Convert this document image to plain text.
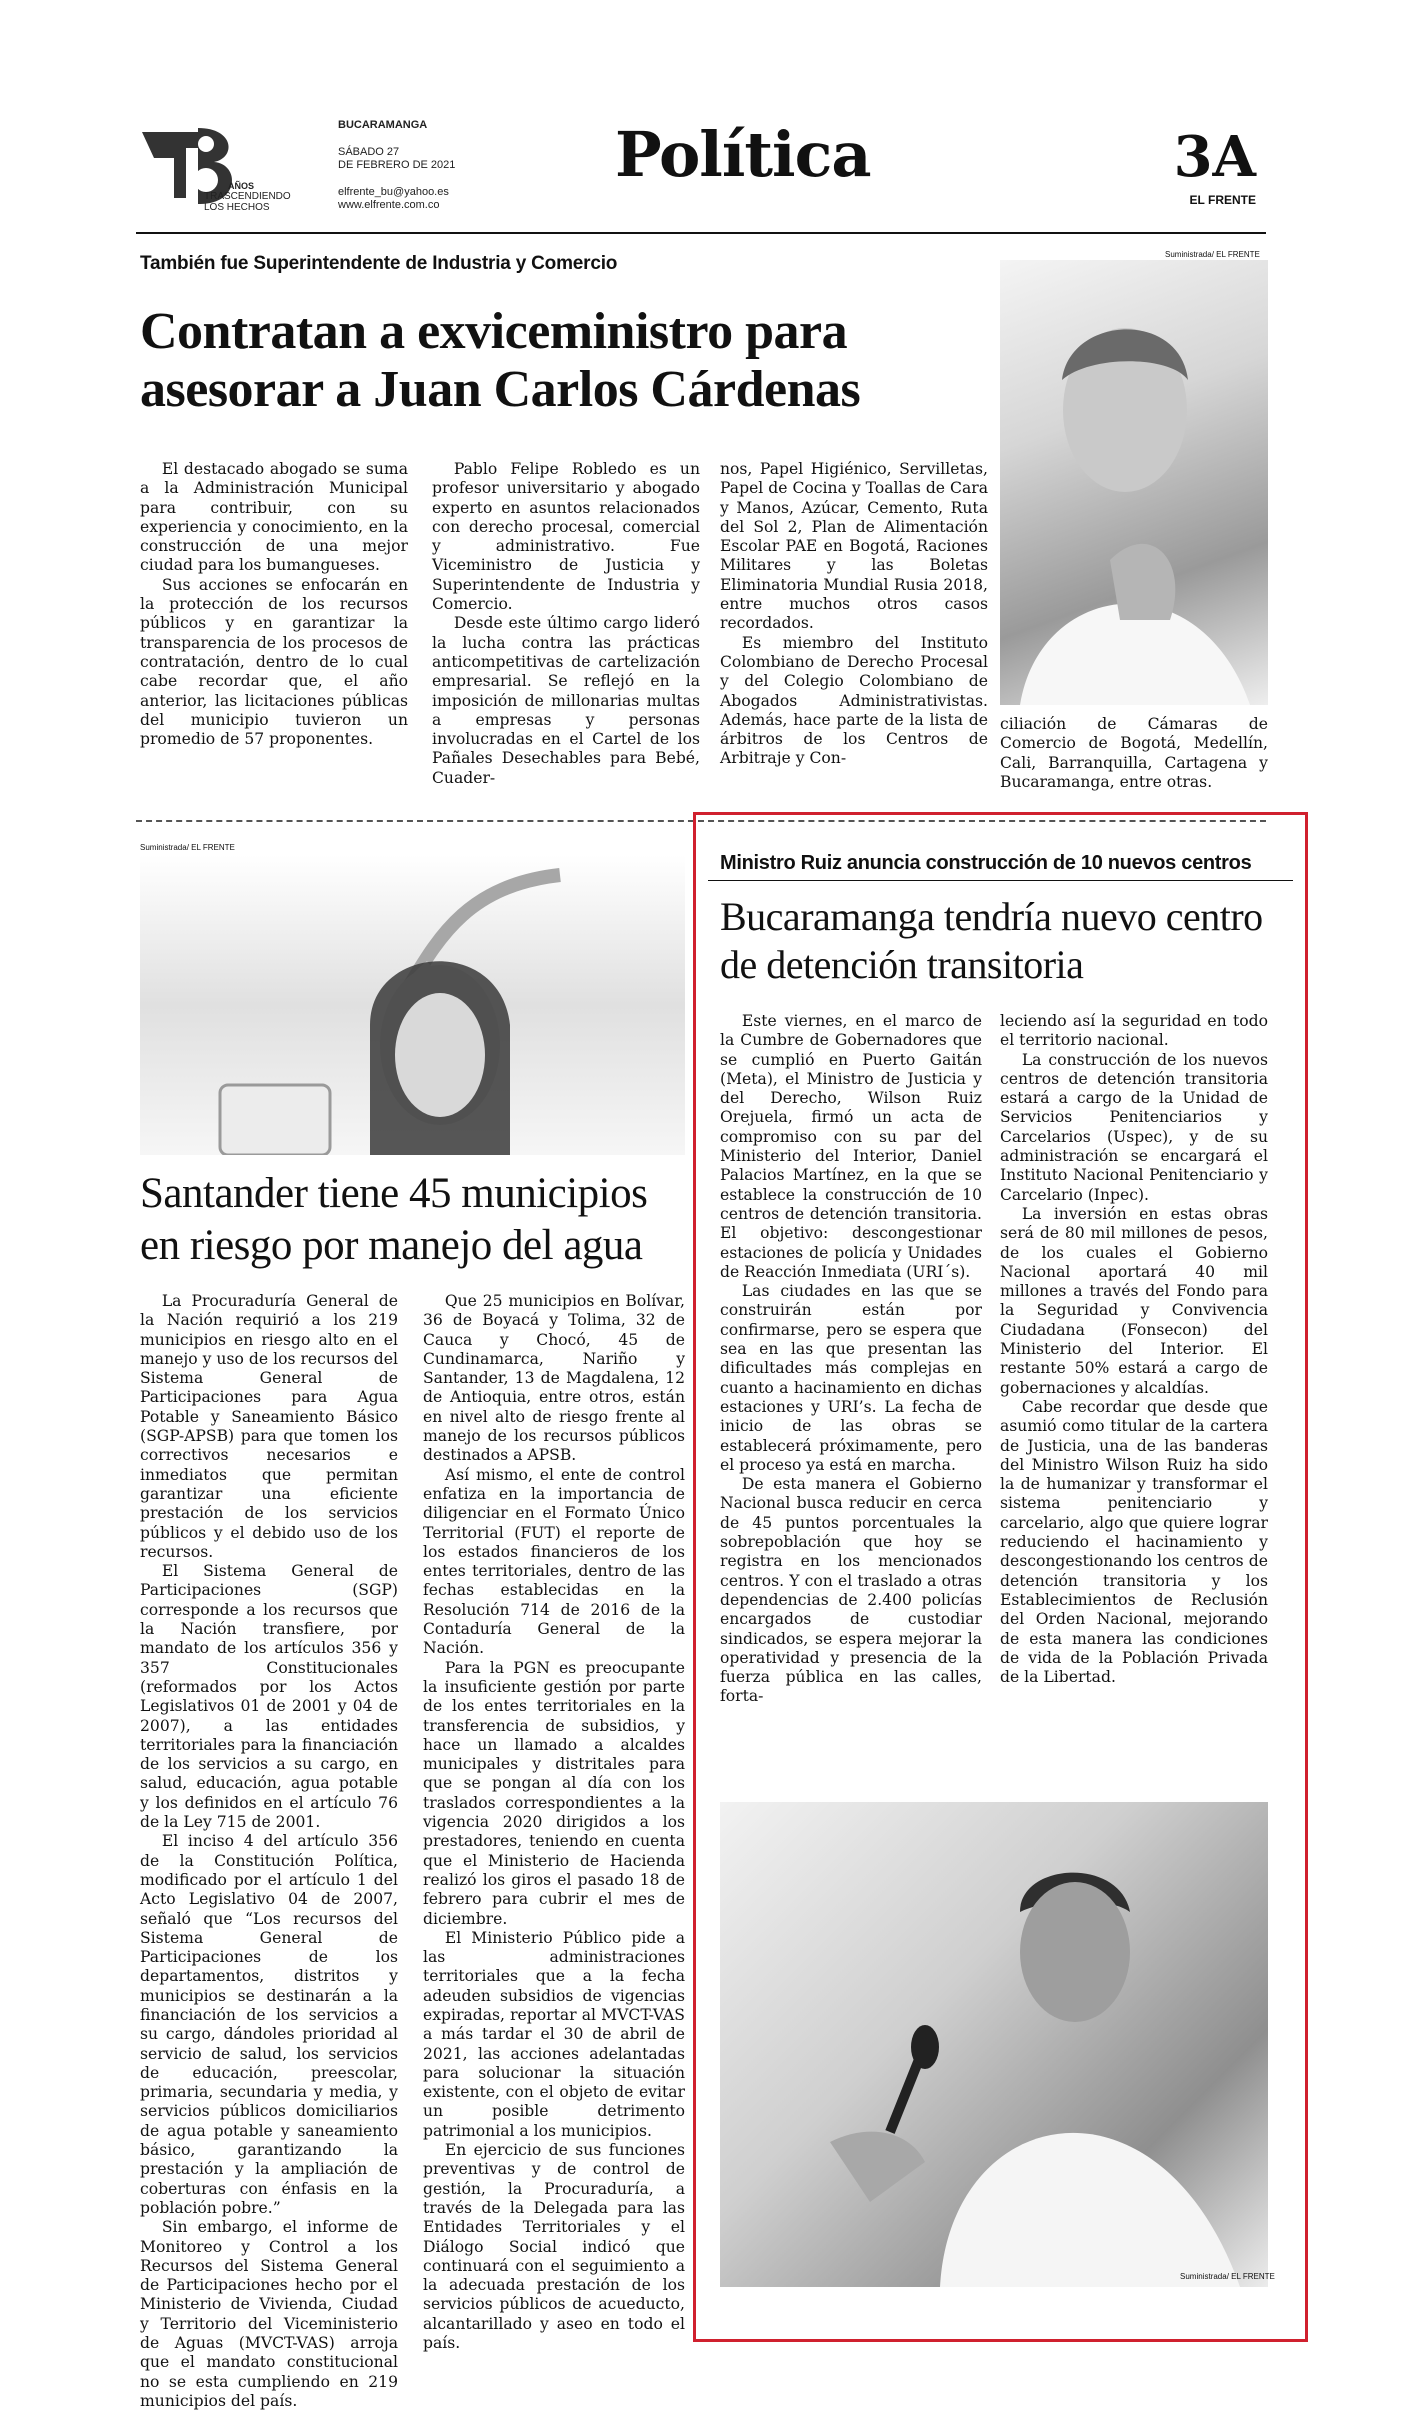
AÑOS
TRASCENDIENDO LOS HECHOS
BUCARAMANGA
SÁBADO 27
DE FEBRERO DE 2021
elfrente_bu@yahoo.es
www.elfrente.com.co
Política	3A
EL FRENTE
También fue Superintendente de Industria y Comercio
Contratan a exviceministro para asesorar a Juan Carlos Cárdenas

El destacado abogado se suma a la Administración Municipal para contribuir, con su experiencia y conocimiento, en la construcción de una mejor ciudad para los bumangueses.

Sus acciones se enfocarán en la protección de los recursos públicos y en garantizar la transparencia de los procesos de contratación, dentro de lo cual cabe recordar que, el año anterior, las licitaciones públicas del municipio tuvieron un promedio de 57 proponentes.

Pablo Felipe Robledo es un profesor universitario y abogado experto en asuntos relacionados con derecho procesal, comercial y administrativo. Fue Viceministro de Justicia y Superintendente de Industria y Comercio.

Desde este último cargo lideró la lucha contra las prácticas anticompetitivas de cartelización empresarial. Se reflejó en la imposición de millonarias multas a empresas y personas involucradas en el Cartel de los Pañales Desechables para Bebé, Cuader-

nos, Papel Higiénico, Servilletas, Papel de Cocina y Toallas de Cara y Manos, Azúcar, Cemento, Ruta del Sol 2, Plan de Alimentación Escolar PAE en Bogotá, Raciones Militares y las Boletas Eliminatoria Mundial Rusia 2018, entre muchos otros casos recordados.

Es miembro del Instituto Colombiano de Derecho Procesal y del Colegio Colombiano de Abogados Administrativistas. Además, hace parte de la lista de árbitros de los Centros de Arbitraje y Con-

Suministrada/ EL FRENTE

ciliación de Cámaras de Comercio de Bogotá, Medellín, Cali, Barranquilla, Cartagena y Bucaramanga, entre otras.

Suministrada/ EL FRENTE
Santander tiene 45 municipios en riesgo por manejo del agua

La Procuraduría General de la Nación requirió a los 219 municipios en riesgo alto en el manejo y uso de los recursos del Sistema General de Participaciones para Agua Potable y Saneamiento Básico (SGP-APSB) para que tomen los correctivos necesarios e inmediatos que permitan garantizar una eficiente prestación de los servicios públicos y el debido uso de los recursos.

El Sistema General de Participaciones (SGP) corresponde a los recursos que la Nación transfiere, por mandato de los artículos 356 y 357 Constitucionales (reformados por los Actos Legislativos 01 de 2001 y 04 de 2007), a las entidades territoriales para la financiación de los servicios a su cargo, en salud, educación, agua potable y los definidos en el artículo 76 de la Ley 715 de 2001.

El inciso 4 del artículo 356 de la Constitución Política, modificado por el artículo 1 del Acto Legislativo 04 de 2007, señaló que “Los recursos del Sistema General de Participaciones de los departamentos, distritos y municipios se destinarán a la financiación de los servicios a su cargo, dándoles prioridad al servicio de salud, los servicios de educación, preescolar, primaria, secundaria y media, y servicios públicos domiciliarios de agua potable y saneamiento básico, garantizando la prestación y la ampliación de coberturas con énfasis en la población pobre.”

Sin embargo, el informe de Monitoreo y Control a los Recursos del Sistema General de Participaciones hecho por el Ministerio de Vivienda, Ciudad y Territorio del Viceministerio de Aguas (MVCT-VAS) arroja que el mandato constitucional no se esta cumpliendo en 219 municipios del país.

Que 25 municipios en Bolívar, 36 de Boyacá y Tolima, 32 de Cauca y Chocó, 45 de Cundinamarca, Nariño y Santander, 13 de Magdalena, 12 de Antioquia, entre otros, están en nivel alto de riesgo frente al manejo de los recursos públicos destinados a APSB.

Así mismo, el ente de control enfatiza en la importancia de diligenciar en el Formato Único Territorial (FUT) el reporte de los estados financieros de los entes territoriales, dentro de las fechas establecidas en la Resolución 714 de 2016 de la Contaduría General de la Nación.

Para la PGN es preocupante la insuficiente gestión por parte de los entes territoriales en la transferencia de subsidios, y hace un llamado a alcaldes municipales y distritales para que se pongan al día con los traslados correspondientes a la vigencia 2020 dirigidos a los prestadores, teniendo en cuenta que el Ministerio de Hacienda realizó los giros el pasado 18 de febrero para cubrir el mes de diciembre.

El Ministerio Público pide a las administraciones territoriales que a la fecha adeuden subsidios de vigencias expiradas, reportar al MVCT-VAS a más tardar el 30 de abril de 2021, las acciones adelantadas para solucionar la situación existente, con el objeto de evitar un posible detrimento patrimonial a los municipios.

En ejercicio de sus funciones preventivas y de control de gestión, la Procuraduría, a través de la Delegada para las Entidades Territoriales y el Diálogo Social indicó que continuará con el seguimiento a la adecuada prestación de los servicios públicos de acueducto, alcantarillado y aseo en todo el país.

Ministro Ruiz anuncia construcción de 10 nuevos centros
Bucaramanga tendría nuevo centro de detención transitoria

Este viernes, en el marco de la Cumbre de Gobernadores que se cumplió en Puerto Gaitán (Meta), el Ministro de Justicia y del Derecho, Wilson Ruiz Orejuela, firmó un acta de compromiso con su par del Ministerio del Interior, Daniel Palacios Martínez, en la que se establece la construcción de 10 centros de detención transitoria. El objetivo: descongestionar estaciones de policía y Unidades de Reacción Inmediata (URI´s).

Las ciudades en las que se construirán están por confirmarse, pero se espera que sea en las que presentan las dificultades más complejas en cuanto a hacinamiento en dichas estaciones y URI’s. La fecha de inicio de las obras se establecerá próximamente, pero el proceso ya está en marcha.

De esta manera el Gobierno Nacional busca reducir en cerca de 45 puntos porcentuales la sobrepoblación que hoy se registra en los mencionados centros. Y con el traslado a otras dependencias de 2.400 policías encargados de custodiar sindicados, se espera mejorar la operatividad y presencia de la fuerza pública en las calles, forta-

leciendo así la seguridad en todo el territorio nacional.

La construcción de los nuevos centros de detención transitoria estará a cargo de la Unidad de Servicios Penitenciarios y Carcelarios (Uspec), y de su administración se encargará el Instituto Nacional Penitenciario y Carcelario (Inpec).

La inversión en estas obras será de 80 mil millones de pesos, de los cuales el Gobierno Nacional aportará 40 mil millones a través del Fondo para la Seguridad y Convivencia Ciudadana (Fonsecon) del Ministerio del Interior. El restante 50% estará a cargo de gobernaciones y alcaldías.

Cabe recordar que desde que asumió como titular de la cartera de Justicia, una de las banderas del Ministro Wilson Ruiz ha sido la de humanizar y transformar el sistema penitenciario y carcelario, algo que quiere lograr reduciendo el hacinamiento y descongestionando los centros de detención transitoria y los Establecimientos de Reclusión del Orden Nacional, mejorando de esta manera las condiciones de vida de la Población Privada de la Libertad.

Suministrada/ EL FRENTE
